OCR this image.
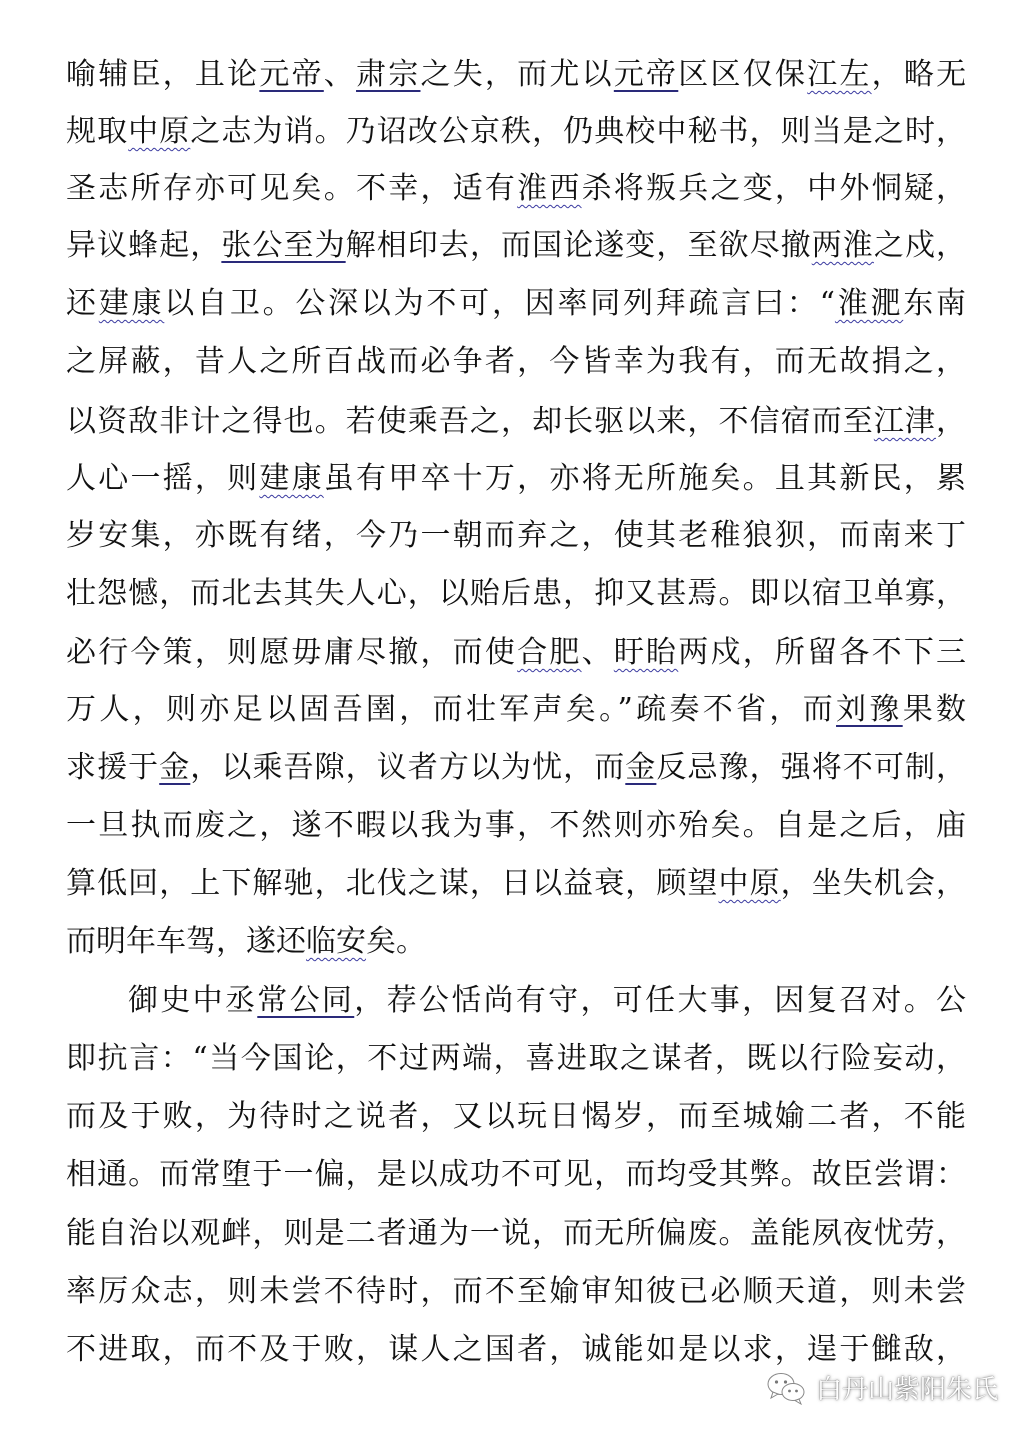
喻辅臣，且论元帝、肃宗之失，而尤以元帝区区仅保江左，略无
规取中原之志为诮。乃诏改公京秩，仍典校中秘书，则当是之时，
圣志所存亦可见矣。不幸，适有淮西杀将叛兵之变，中外恫疑，
异议蜂起，张公至为解相印去，而国论遂变，至欲尽撤两淮之戍，
还建康以自卫。公深以为不可，因率同列拜疏言曰：“淮淝东南
之屏蔽，昔人之所百战而必争者，今皆幸为我有，而无故捐之，
以资敌非计之得也。若使乘吾之，却长驱以来，不信宿而至江津，
人心一摇，则建康虽有甲卒十万，亦将无所施矣。且其新民，累
岁安集，亦既有绪，今乃一朝而弃之，使其老稚狼狈，而南来丁
壮怨憾，而北去其失人心，以贻后患，抑又甚焉。即以宿卫单寡，
必行今策，则愿毋庸尽撤，而使合肥、盱眙两戍，所留各不下三
万人，则亦足以固吾圉，而壮军声矣。”疏奏不省，而刘豫果数
求援于金，以乘吾隙，议者方以为忧，而金反忌豫，强将不可制，
一旦执而废之，遂不暇以我为事，不然则亦殆矣。自是之后，庙
算低回，上下解驰，北伐之谋，日以益衰，顾望中原，坐失机会，
而明年车驾，遂还临安矣。
御史中丞常公同，荐公恬尚有守，可任大事，因复召对。公
即抗言：“当今国论，不过两端，喜进取之谋者，既以行险妄动，
而及于败，为待时之说者，又以玩日愒岁，而至城媮二者，不能
相通。而常堕于一偏，是以成功不可见，而均受其弊。故臣尝谓：
能自治以观衅，则是二者通为一说，而无所偏废。盖能夙夜忧劳，
率厉众志，则未尝不待时，而不至媮审知彼已必顺天道，则未尝
不进取，而不及于败，谋人之国者，诚能如是以求，逞于雠敌，
白丹山紫阳朱氏
